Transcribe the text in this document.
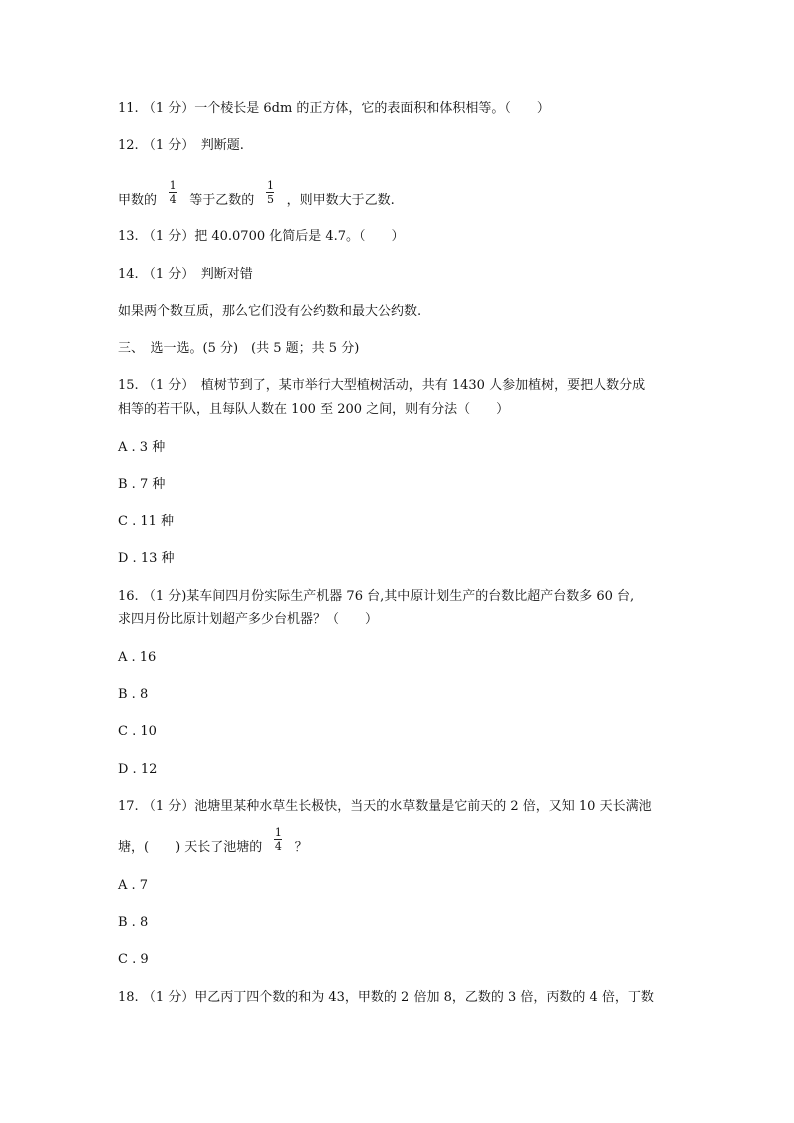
11. （1 分）一个棱长是 6dm 的正方体，它的表面积和体积相等。（　　）
12. （1 分）　判断题.
甲数的 $\frac{1}{4}$ 等于乙数的 $\frac{1}{5}$ ，则甲数大于乙数.
13. （1 分）把 40.0700 化简后是 4.7。（　　）
14. （1 分）　判断对错
如果两个数互质，那么它们没有公约数和最大公约数.
三、　选一选。(5 分)　(共 5 题；共 5 分)
15. （1 分）　植树节到了，某市举行大型植树活动，共有 1430 人参加植树，要把人数分成
相等的若干队，且每队人数在 100 至 200 之间，则有分法（　　）
A . 3 种
B . 7 种
C . 11 种
D . 13 种
16. （1 分)某车间四月份实际生产机器 76 台,其中原计划生产的台数比超产台数多 60 台,
求四月份比原计划超产多少台机器？（　　）
A . 16
B . 8
C . 10
D . 12
17. （1 分）池塘里某种水草生长极快，当天的水草数量是它前天的 2 倍，又知 10 天长满池
塘，(　　) 天长了池塘的 $\frac{1}{4}$ ？
A . 7
B . 8
C . 9
18. （1 分）甲乙丙丁四个数的和为 43，甲数的 2 倍加 8，乙数的 3 倍，丙数的 4 倍，丁数
